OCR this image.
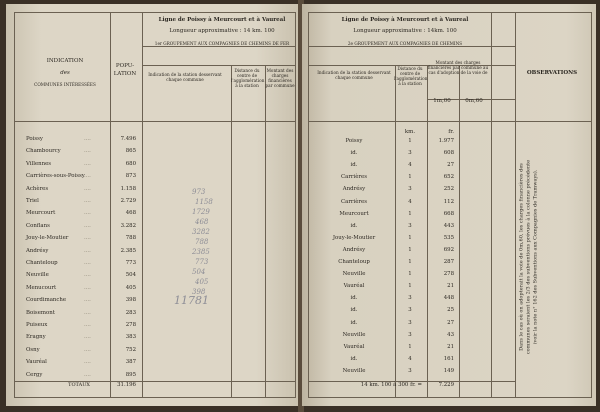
INDICATION
des
COMMUNES INTÉRESSÉES
POPU-
LATION
Ligne de Poissy à Meurcourt et à Vaureal
Longueur approximative : 14 km. 100
1er GROUPEMENT AUX COMPAGNIES DE CHEMINS DE FER
Indication de la station desservant chaque commune
Distance du centre de l'agglomération à la station
Montant des charges financières par commune
Poissy	....	7.496
Chambourcy	....	865
Villennes	....	680
Carrières-sous-Poissy ....	873
Achères	....	1.158
Triel	....	2.729
Meurcourt	....	468
Conflans	....	3.282
Jouy-le-Moutier	....	788
Andrésy	....	2.385
Chanteloup	....	773
Neuville	....	504
Menucourt	....	405
Courdimanche	....	398
Boisemont	....	283
Puiseux	....	278
Eragny	....	383
Osny	....	752
Vauréal	....	387
Cergy	....	895
TOTAUX	31.196
973
1158
1729
468
3282
788
2385
773
504
405
398
11781
Ligne de Poissy à Meurcourt et à Vaureal
Longueur approximative : 14km. 100
2e GROUPEMENT AUX COMPAGNIES DE CHEMINS
Indication de la station desservant chaque commune
Distance du centre de l'agglomération à la station
Montant des charges financières par commune au cas d'adoption de la voie de
1m,00	0m,60
OBSERVATIONS
km.	fr.
Poissy	1	1.977
id.	3	608
id.	4	27
Carrières	1	652
Andrésy	3	252
Carrières	4	112
Meurcourt	1	668
id.	3	443
Jouy-le-Moutier	1	535
Andrésy	1	692
Chanteloup	1	287
Neuville	1	278
Vauréal	1	21
id.	3	448
id.	3	25
id.	3	27
Neuville	3	43
Vauréal	1	21
id.	4	161
Neuville	3	149
14 km. 100 à 300 fr. =	7.229
Dans le cas où on adopterait la voie de 0m,60, les charges financières des communes seraient les 2/3 des subventions prévues à la colonne précédente (voir la note n° 162 des Subventions aux Compagnies de Tramways).
